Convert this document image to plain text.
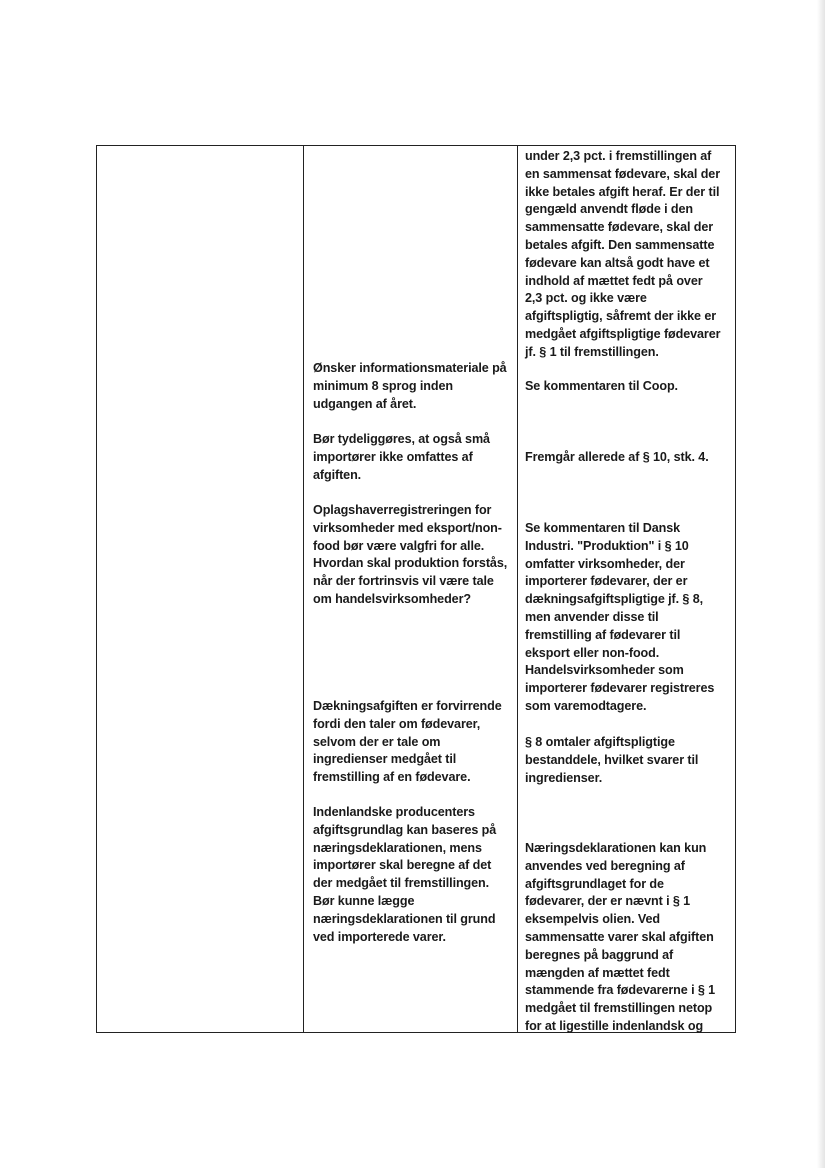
under 2,3 pct. i fremstillingen af
en sammensat fødevare, skal der
ikke betales afgift heraf. Er der til
gengæld anvendt fløde i den
sammensatte fødevare, skal der
betales afgift. Den sammensatte
fødevare kan altså godt have et
indhold af mættet fedt på over
2,3 pct. og ikke være
afgiftspligtig, såfremt der ikke er
medgået afgiftspligtige fødevarer
jf. § 1 til fremstillingen.
Ønsker informationsmateriale på
minimum 8 sprog inden
udgangen af året.
Se kommentaren til Coop.
Bør tydeliggøres, at også små
importører ikke omfattes af
afgiften.
Fremgår allerede af § 10, stk. 4.
Oplagshaverregistreringen for
virksomheder med eksport/non-
food bør være valgfri for alle.
Hvordan skal produktion forstås,
når der fortrinsvis vil være tale
om handelsvirksomheder?
Se kommentaren til Dansk
Industri. "Produktion" i § 10
omfatter virksomheder, der
importerer fødevarer, der er
dækningsafgiftspligtige jf. § 8,
men anvender disse til
fremstilling af fødevarer til
eksport eller non-food.
Handelsvirksomheder som
importerer fødevarer registreres
som varemodtagere.
Dækningsafgiften er forvirrende
fordi den taler om fødevarer,
selvom der er tale om
ingredienser medgået til
fremstilling af en fødevare.
§ 8 omtaler afgiftspligtige
bestanddele, hvilket svarer til
ingredienser.
Indenlandske producenters
afgiftsgrundlag kan baseres på
næringsdeklarationen, mens
importører skal beregne af det
der medgået til fremstillingen.
Bør kunne lægge
næringsdeklarationen til grund
ved importerede varer.
Næringsdeklarationen kan kun
anvendes ved beregning af
afgiftsgrundlaget for de
fødevarer, der er nævnt i § 1
eksempelvis olien. Ved
sammensatte varer skal afgiften
beregnes på baggrund af
mængden af mættet fedt
stammende fra fødevarerne i § 1
medgået til fremstillingen netop
for at ligestille indenlandsk og
